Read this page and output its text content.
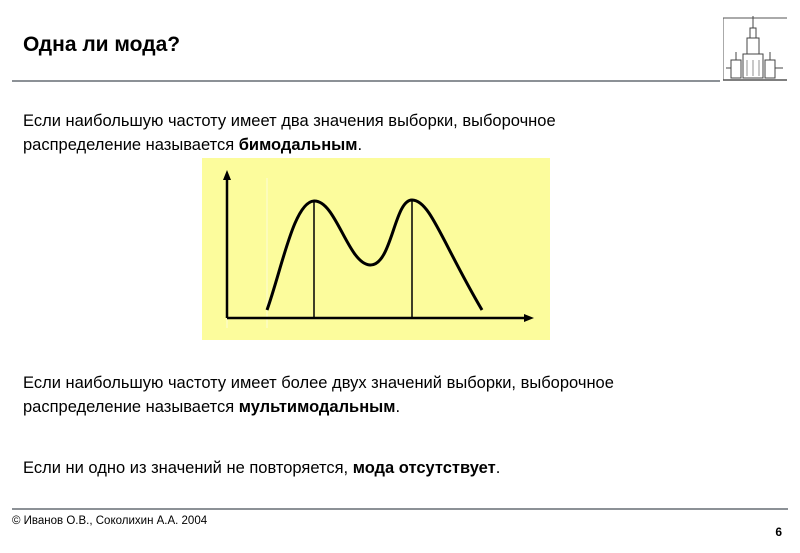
Одна ли мода?
Если наибольшую частоту имеет два значения выборки, выборочное
распределение называется бимодальным.
Если наибольшую частоту имеет более двух значений выборки, выборочное
распределение называется мультимодальным.
Если ни одно из значений не повторяется, мода отсутствует.
© Иванов О.В., Соколихин А.А. 2004
6
